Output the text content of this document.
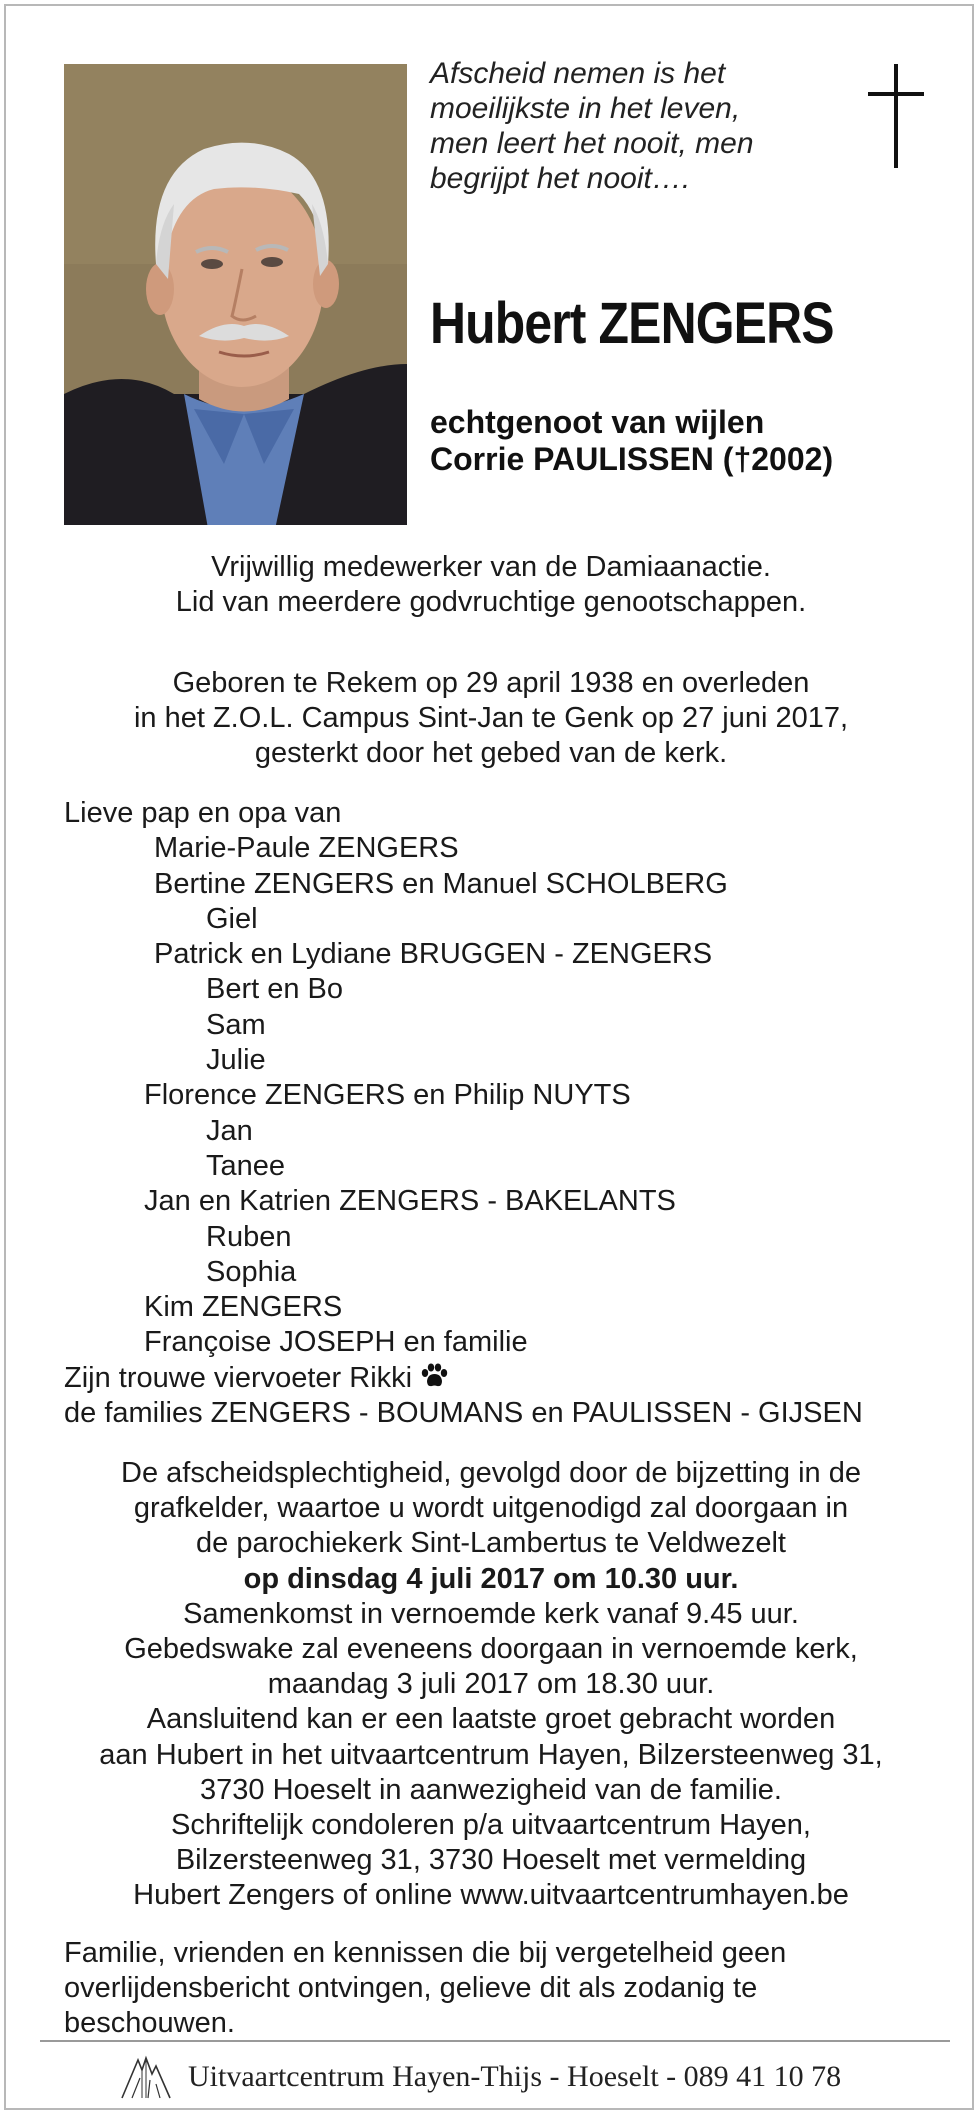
Afscheid nemen is het
moeilijkste in het leven,
men leert het nooit, men
begrijpt het nooit….
Hubert ZENGERS
echtgenoot van wijlen
Corrie PAULISSEN (†2002)
Vrijwillig medewerker van de Damiaanactie.
Lid van meerdere godvruchtige genootschappen.
Geboren te Rekem op 29 april 1938 en overleden
in het Z.O.L. Campus Sint-Jan te Genk op 27 juni 2017,
gesterkt door het gebed van de kerk.
Lieve pap en opa van
Marie-Paule ZENGERS
Bertine ZENGERS en Manuel SCHOLBERG
Giel
Patrick en Lydiane BRUGGEN - ZENGERS
Bert en Bo
Sam
Julie
Florence ZENGERS en Philip NUYTS
Jan
Tanee
Jan en Katrien ZENGERS - BAKELANTS
Ruben
Sophia
Kim ZENGERS
Françoise JOSEPH en familie
Zijn trouwe viervoeter Rikki
de families ZENGERS - BOUMANS en PAULISSEN - GIJSEN
De afscheidsplechtigheid, gevolgd door de bijzetting in de
grafkelder, waartoe u wordt uitgenodigd zal doorgaan in
de parochiekerk Sint-Lambertus te Veldwezelt
op dinsdag 4 juli 2017 om 10.30 uur.
Samenkomst in vernoemde kerk vanaf 9.45 uur.
Gebedswake zal eveneens doorgaan in vernoemde kerk,
maandag 3 juli 2017 om 18.30 uur.
Aansluitend kan er een laatste groet gebracht worden
aan Hubert in het uitvaartcentrum Hayen, Bilzersteenweg 31,
3730 Hoeselt in aanwezigheid van de familie.
Schriftelijk condoleren p/a uitvaartcentrum Hayen,
Bilzersteenweg 31, 3730 Hoeselt met vermelding
Hubert Zengers of online www.uitvaartcentrumhayen.be
Familie, vrienden en kennissen die bij vergetelheid geen
overlijdensbericht ontvingen, gelieve dit als zodanig te
beschouwen.
Uitvaartcentrum Hayen-Thijs - Hoeselt - 089 41 10 78
